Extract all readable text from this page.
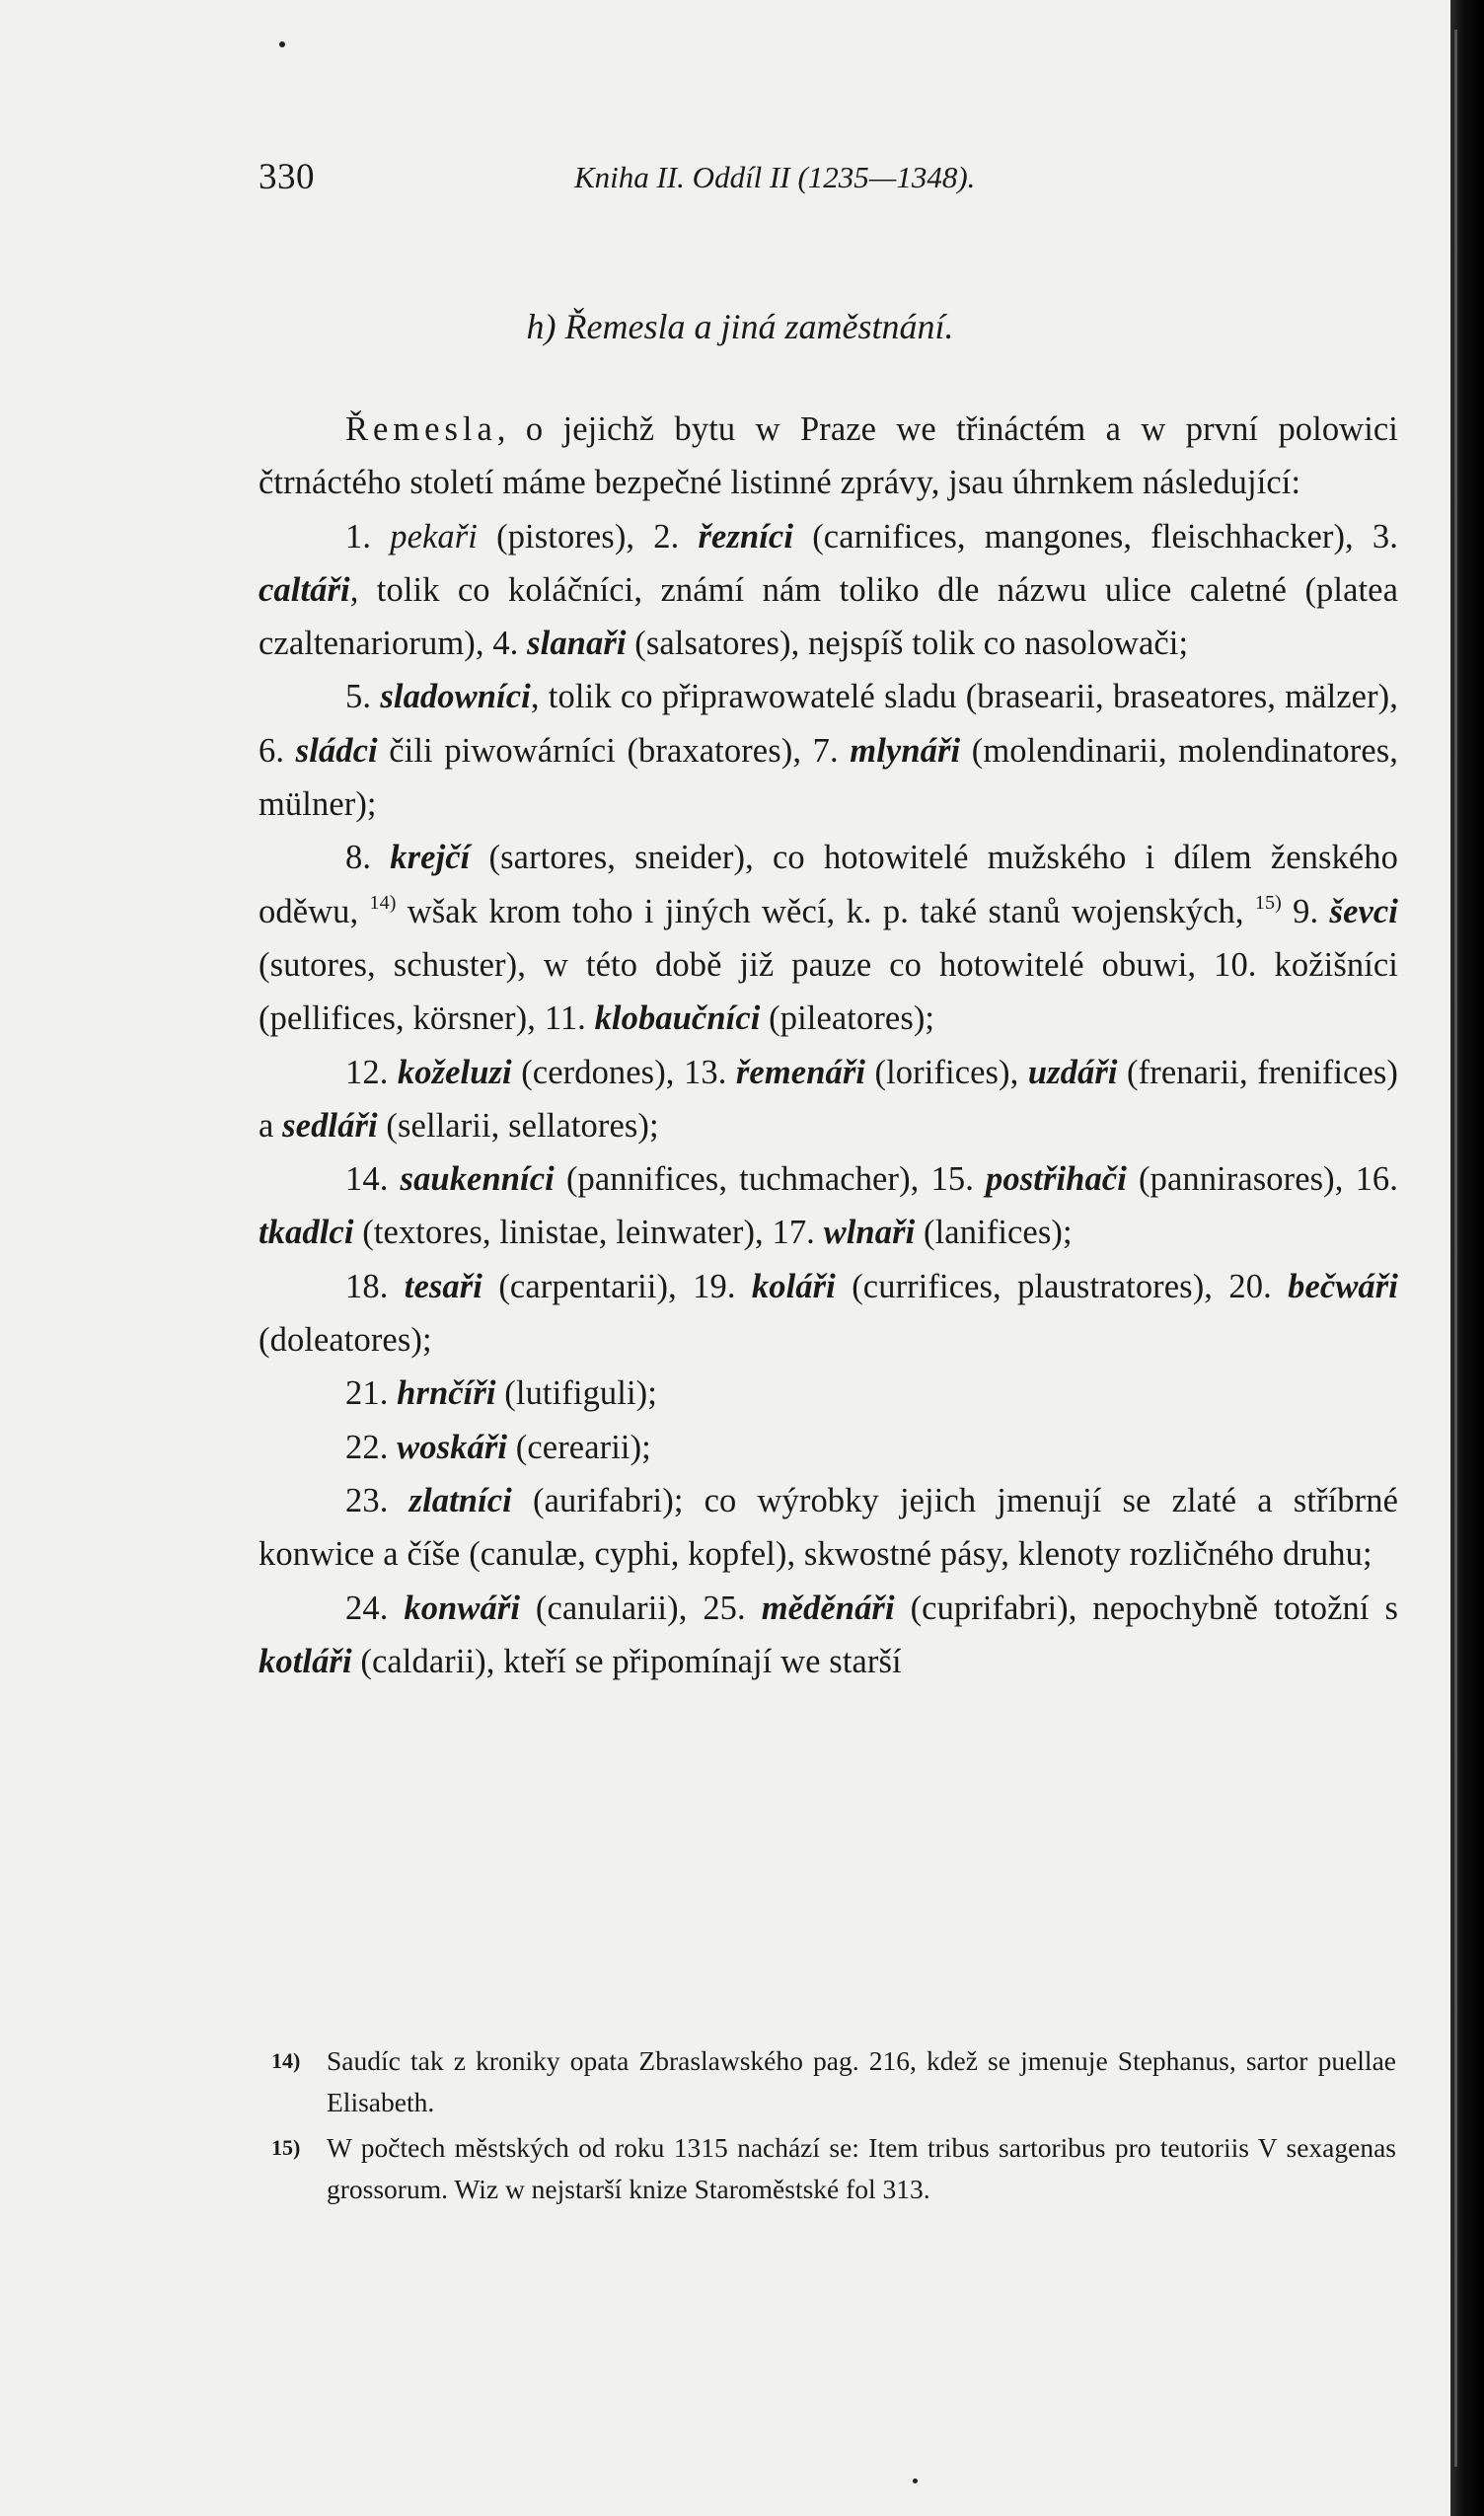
330	Kniha II. Oddíl II (1235—1348).
h) Řemesla a jiná zaměstnání.

Řemesla, o jejichž bytu w Praze we třináctém a w první polowici čtrnáctého století máme bezpečné listinné zprávy, jsau úhrnkem následující:

1. pekaři (pistores), 2. řezníci (carnifices, mangones, fleischhacker), 3. caltáři, tolik co koláčníci, známí nám toliko dle názwu ulice caletné (platea czaltenariorum), 4. slanaři (salsatores), nejspíš tolik co nasolowači;

5. sladowníci, tolik co připrawowatelé sladu (brasearii, braseatores, mälzer), 6. sládci čili piwowárníci (braxatores), 7. mlynáři (molendinarii, molendinatores, mülner);

8. krejčí (sartores, sneider), co hotowitelé mužského i dílem ženského oděwu, $^{14)}$ wšak krom toho i jiných wěcí, k. p. také stanů wojenských, $^{15)}$ 9. ševci (sutores, schuster), w této době již pauze co hotowitelé obuwi, 10. kožišníci (pellifices, körsner), 11. klobaučníci (pileatores);

12. koželuzi (cerdones), 13. řemenáři (lorifices), uzdáři (frenarii, frenifices) a sedláři (sellarii, sellatores);

14. saukenníci (pannifices, tuchmacher), 15. postřihači (pannirasores), 16. tkadlci (textores, linistae, leinwater), 17. wlnaři (lanifices);

18. tesaři (carpentarii), 19. koláři (currifices, plaustratores), 20. bečwáři (doleatores);

21. hrnčíři (lutifiguli);

22. woskáři (cerearii);

23. zlatníci (aurifabri); co wýrobky jejich jmenují se zlaté a stříbrné konwice a číše (canulæ, cyphi, kopfel), skwostné pásy, klenoty rozličného druhu;

24. konwáři (canularii), 25. měděnáři (cuprifabri), nepochybně totožní s kotláři (caldarii), kteří se připomínají we starší

14) Saudíc tak z kroniky opata Zbraslawského pag. 216, kdež se jmenuje Stephanus, sartor puellae Elisabeth.
15) W počtech městských od roku 1315 nachází se: Item tribus sartoribus pro teutoriis V sexagenas grossorum. Wiz w nejstarší knize Staroměstské fol 313.
